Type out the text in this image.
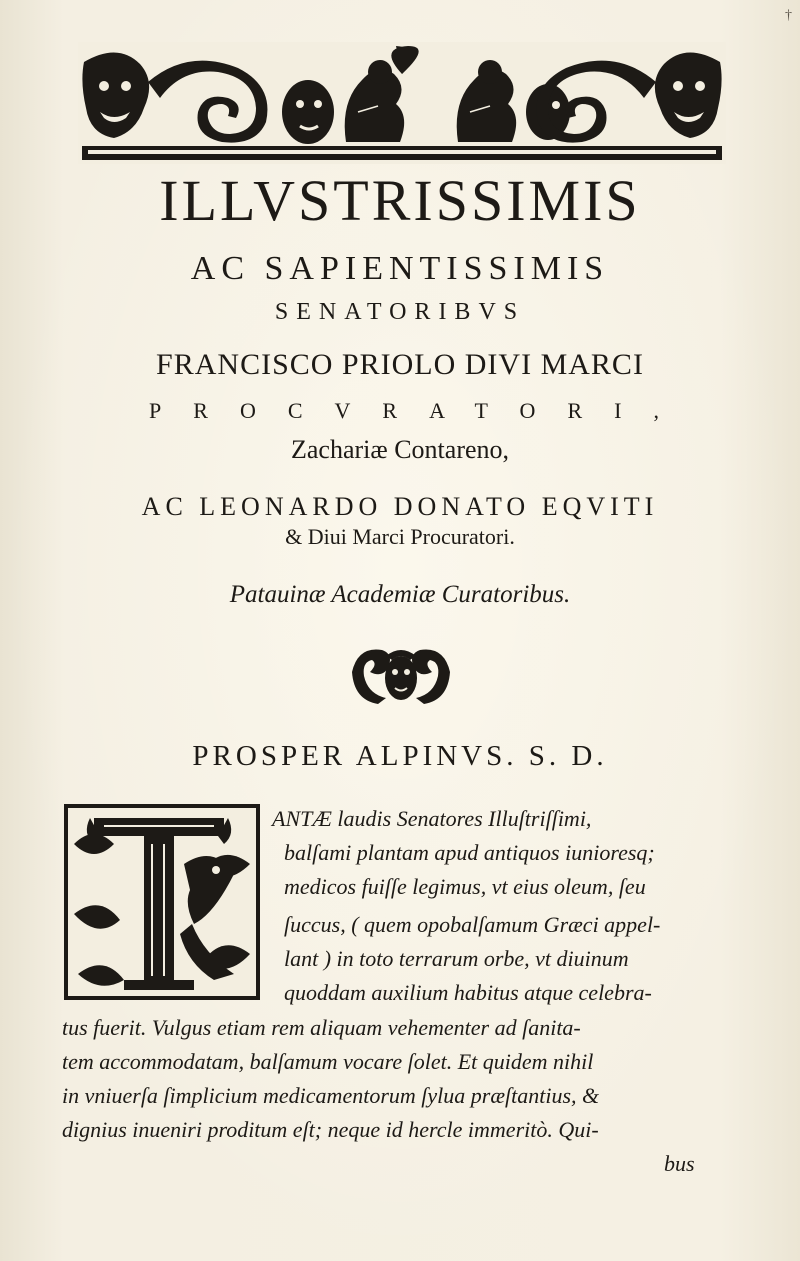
†
ILLVSTRISSIMIS
AC SAPIENTISSIMIS
SENATORIBVS
FRANCISCO PRIOLO DIVI MARCI
PROCVRATORI,
Zachariæ Contareno,
AC LEONARDO DONATO EQVITI
& Diui Marci Procuratori.
Patauinæ Academiæ Curatoribus.
PROSPER ALPINVS. S. D.
ANTÆ laudis Senatores Illuſtriſſimi,
balſami plantam apud antiquos iunioresq;
medicos fuiſſe legimus, vt eius oleum, ſeu
ſuccus, ( quem opobalſamum Græci appel-
lant ) in toto terrarum orbe, vt diuinum
quoddam auxilium habitus atque celebra-
tus fuerit. Vulgus etiam rem aliquam vehementer ad ſanita-
tem accommodatam, balſamum vocare ſolet. Et quidem nihil
in vniuerſa ſimplicium medicamentorum ſylua præſtantius, &
dignius inueniri proditum eſt; neque id hercle immeritò. Qui-
bus
